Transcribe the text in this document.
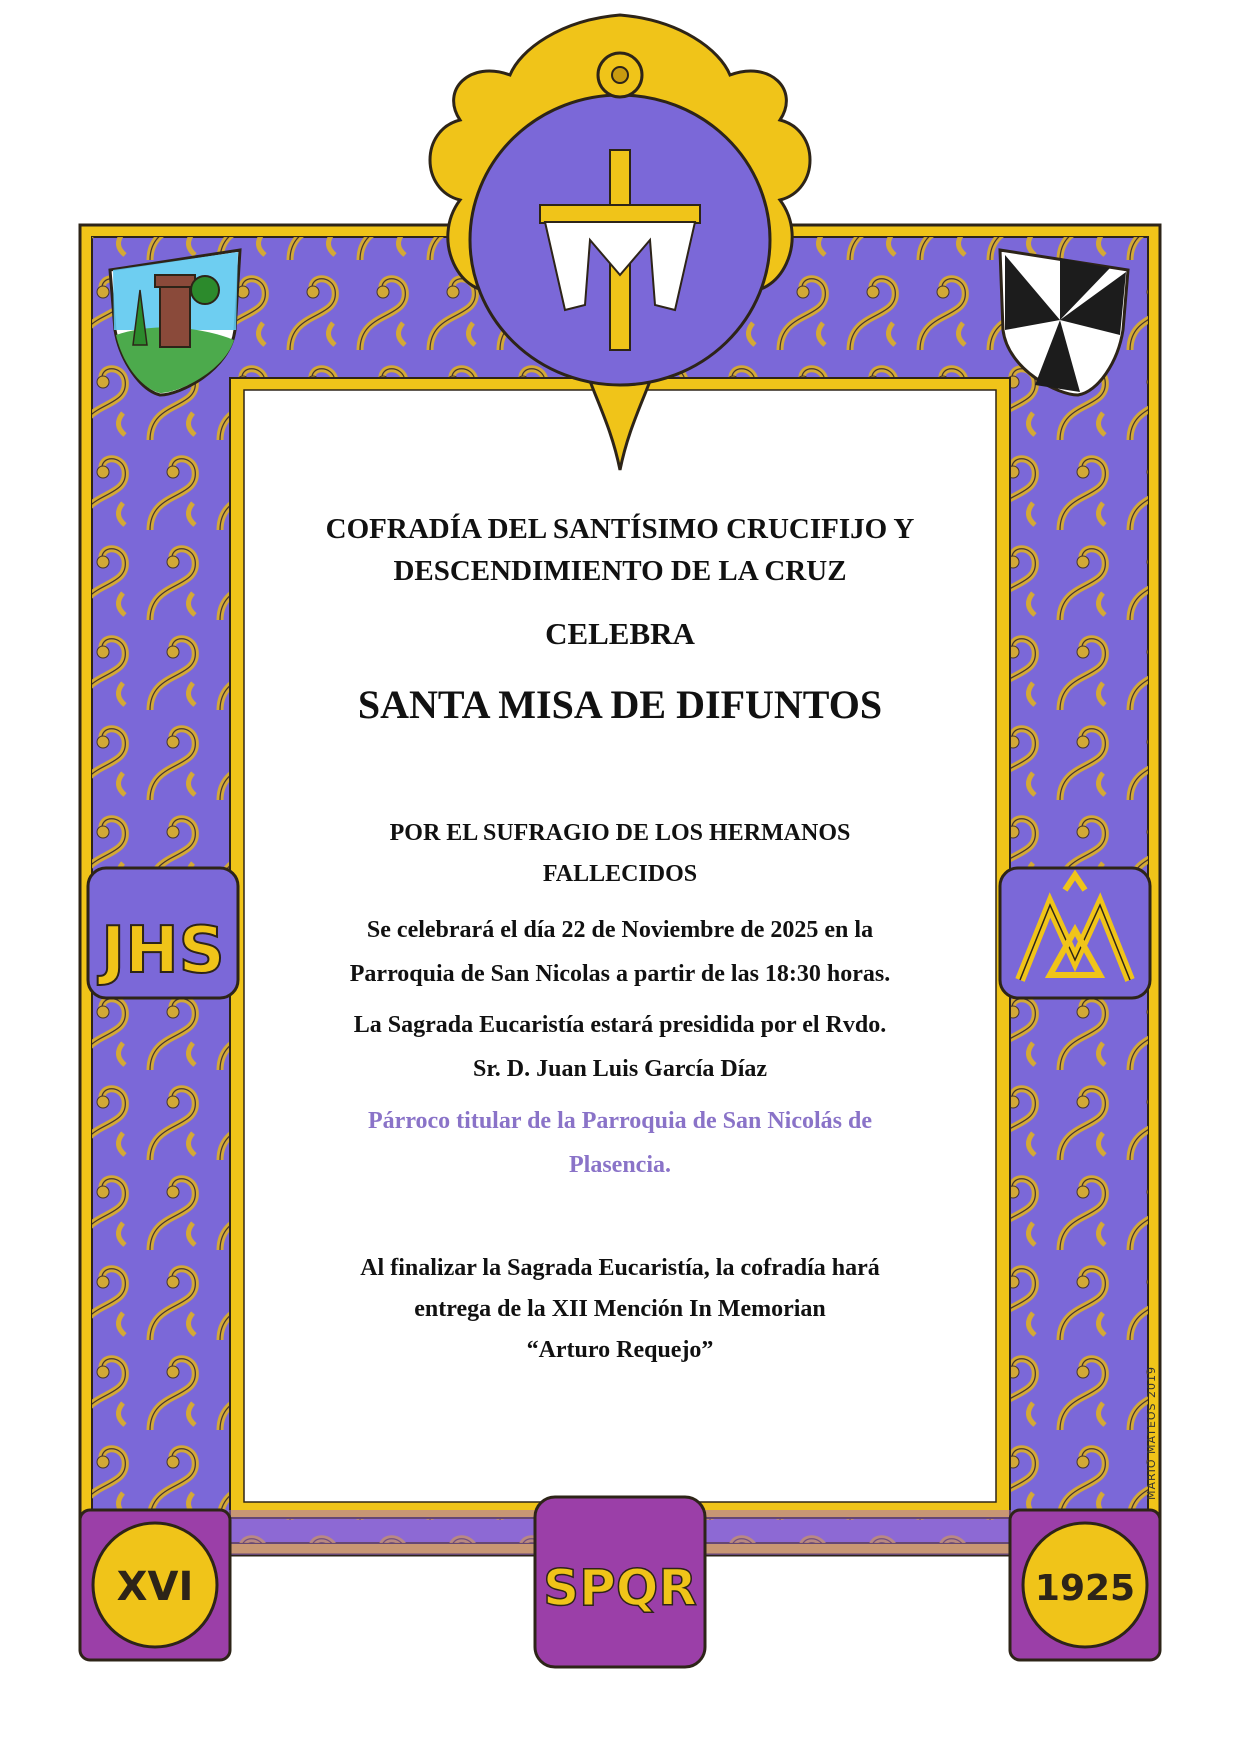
JHS
XVI	SPQR	1925
COFRADÍA DEL SANTÍSIMO CRUCIFIJO Y
DESCENDIMIENTO DE LA CRUZ
CELEBRA
SANTA MISA DE DIFUNTOS
POR EL SUFRAGIO DE LOS HERMANOS
FALLECIDOS
Se celebrará el día 22 de Noviembre de 2025 en la
Parroquia de San Nicolas a partir de las 18:30 horas.
La Sagrada Eucaristía estará presidida por el Rvdo.
Sr. D. Juan Luis García Díaz
Párroco titular de la Parroquia de San Nicolás de
Plasencia.
Al finalizar la Sagrada Eucaristía, la cofradía hará
entrega de la XII Mención In Memorian
“Arturo Requejo”
MARIO MATEOS 2019
